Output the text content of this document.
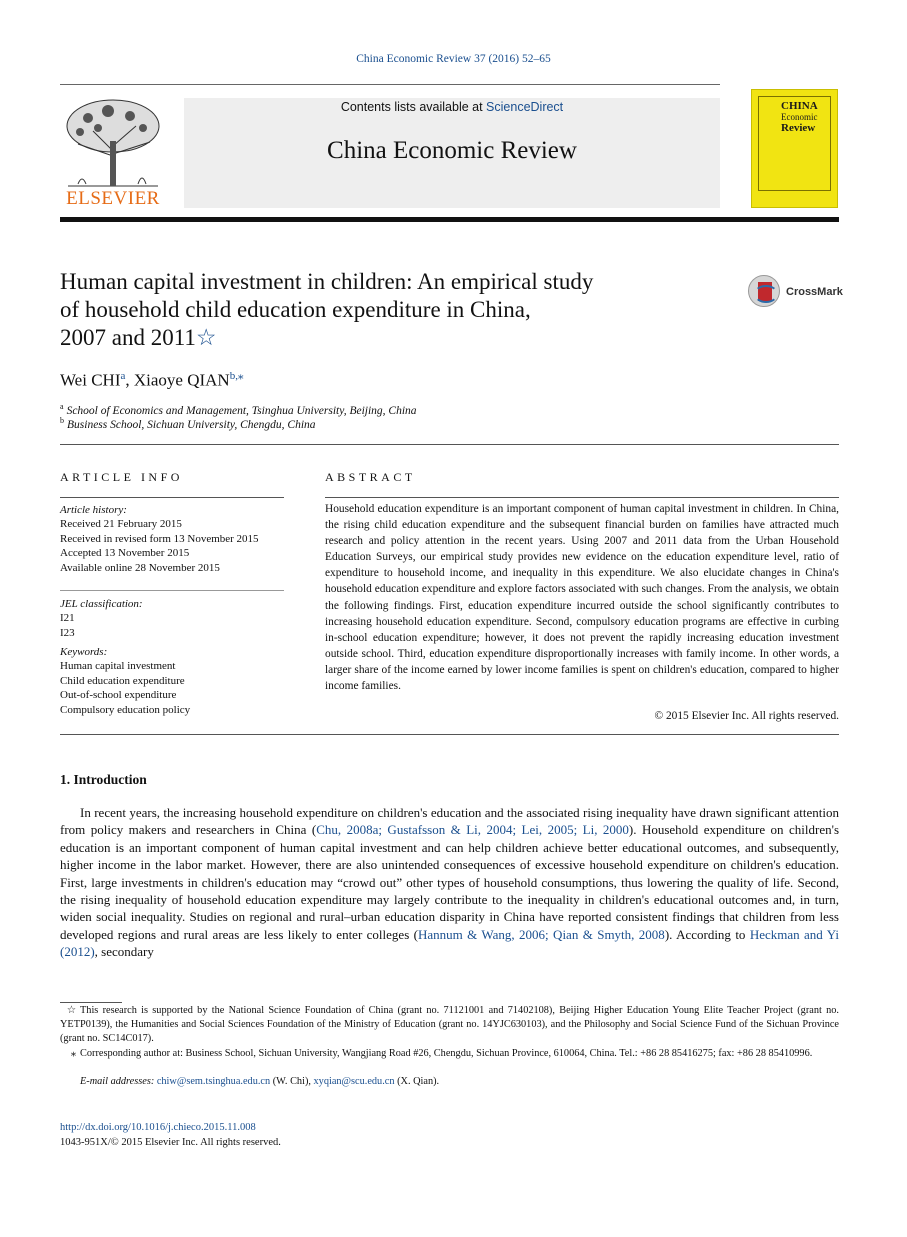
China Economic Review 37 (2016) 52–65
ELSEVIER
Contents lists available at ScienceDirect
China Economic Review
CHINA
Economic
Review
Human capital investment in children: An empirical study
of household child education expenditure in China,
2007 and 2011☆
CrossMark
Wei CHI$^a$, Xiaoye $QIAN^{b,⁎}$
$^a$ School of Economics and Management, Tsinghua University, Beijing, China
$^b$ Business School, Sichuan University, Chengdu, China
ARTICLE INFO
Article history:
Received 21 February 2015
Received in revised form 13 November 2015
Accepted 13 November 2015
Available online 28 November 2015
JEL classification:
I21
I23
Keywords:
Human capital investment
Child education expenditure
Out-of-school expenditure
Compulsory education policy
ABSTRACT
Household education expenditure is an important component of human capital investment in children. In China, the rising child education expenditure and the subsequent financial burden on families have attracted much research and policy attention in the recent years. Using 2007 and 2011 data from the Urban Household Education Surveys, our empirical study provides new evidence on the education expenditure level, ratio of expenditure to household income, and inequality in this expenditure. We also elucidate changes in China's household education expenditure and explore factors associated with such changes. From the analysis, we obtain the following findings. First, education expenditure incurred outside the school significantly contributes to increasing household education expenditure. Second, compulsory education programs are effective in curbing in-school education expenditure; however, it does not prevent the rapidly increasing education investment outside school. Third, education expenditure disproportionally increases with family income. In other words, a larger share of the income earned by lower income families is spent on children's education, compared to higher income families.
© 2015 Elsevier Inc. All rights reserved.
1. Introduction
In recent years, the increasing household expenditure on children's education and the associated rising inequality have drawn significant attention from policy makers and researchers in China (Chu, 2008a; Gustafsson & Li, 2004; Lei, 2005; Li, 2000). Household expenditure on children's education is an important component of human capital investment and can help children achieve better educational outcomes, and subsequently, higher income in the labor market. However, there are also unintended consequences of excessive household expenditure on children's education. First, large investments in children's education may “crowd out” other types of household consumptions, thus lowering the quality of life. Second, the rising inequality of household education expenditure may largely contribute to the inequality in children's educational outcomes and, in turn, widen social inequality. Studies on regional and rural–urban education disparity in China have reported consistent findings that children from less developed regions and rural areas are less likely to enter colleges (Hannum & Wang, 2006; Qian & Smyth, 2008). According to Heckman and Yi (2012), secondary
☆ This research is supported by the National Science Foundation of China (grant no. 71121001 and 71402108), Beijing Higher Education Young Elite Teacher Project (grant no. YETP0139), the Humanities and Social Sciences Foundation of the Ministry of Education (grant no. 14YJC630103), and the Philosophy and Social Science Fund of the Sichuan Province (grant no. SC14C017).
⁎ Corresponding author at: Business School, Sichuan University, Wangjiang Road #26, Chengdu, Sichuan Province, 610064, China. Tel.: +86 28 85416275; fax: +86 28 85410996.
E-mail addresses: chiw@sem.tsinghua.edu.cn (W. Chi), xyqian@scu.edu.cn (X. Qian).
http://dx.doi.org/10.1016/j.chieco.2015.11.008
1043-951X/© 2015 Elsevier Inc. All rights reserved.
